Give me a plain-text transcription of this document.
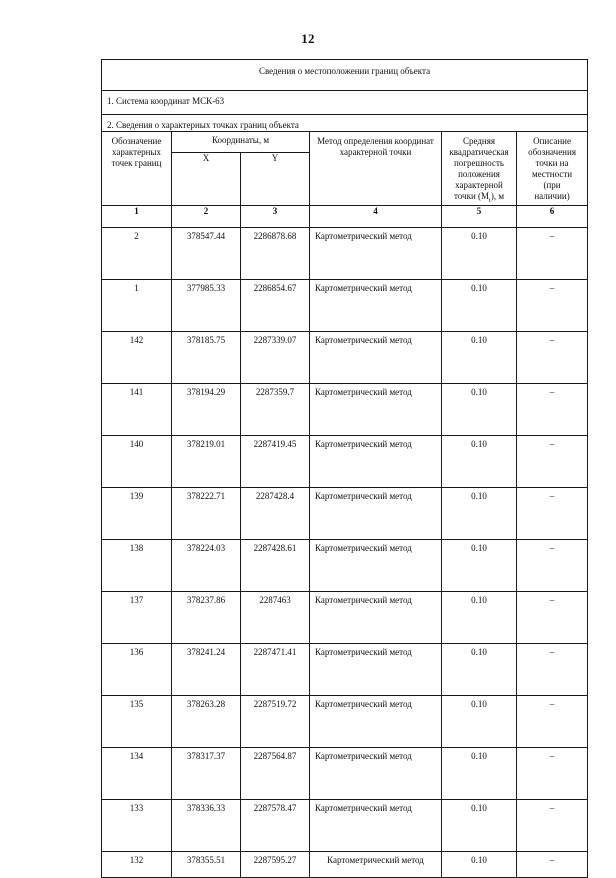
12
Сведения о местоположении границ объекта					
1. Система координат МСК-63					
2. Сведения о характерных точках границ объекта					
Обозначение характерных точек границ	Координаты, м	Метод определения координат характерной точки	Средняя
квадратическая
погрешность
положения
характерной
точки $(М_t)$, м	Описание
обозначения
точки на
местности
(при
наличии)
	X	Y			
1	2	3	4	5	6
2	378547.44	2286878.68	Картометрический метод	0.10	–
1	377985.33	2286854.67	Картометрический метод	0.10	–
142	378185.75	2287339.07	Картометрический метод	0.10	–
141	378194.29	2287359.7	Картометрический метод	0.10	–
140	378219.01	2287419.45	Картометрический метод	0.10	–
139	378222.71	2287428.4	Картометрический метод	0.10	–
138	378224.03	2287428.61	Картометрический метод	0.10	–
137	378237.86	2287463	Картометрический метод	0.10	–
136	378241.24	2287471.41	Картометрический метод	0.10	–
135	378263.28	2287519.72	Картометрический метод	0.10	–
134	378317.37	2287564.87	Картометрический метод	0.10	–
133	378336.33	2287578.47	Картометрический метод	0.10	–
132	378355.51	2287595.27	Картометрический метод	0.10	–
